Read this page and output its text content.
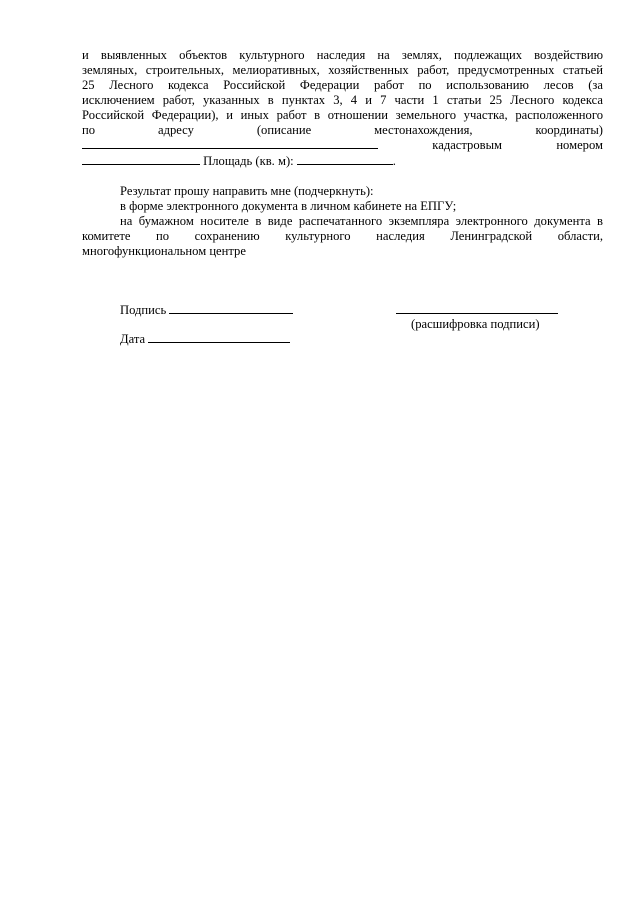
и выявленных объектов культурного наследия на землях, подлежащих воздействию
земляных, строительных, мелиоративных, хозяйственных работ, предусмотренных статьей
25 Лесного кодекса Российской Федерации работ по использованию лесов (за
исключением работ, указанных в пунктах 3, 4 и 7 части 1 статьи 25 Лесного кодекса
Российской Федерации), и иных работ в отношении земельного участка, расположенного
по адресу (описание местонахождения, координаты)
кадастровым номером
Площадь (кв. м):	.
Результат прошу направить мне (подчеркнуть):
в форме электронного документа в личном кабинете на ЕПГУ;
на бумажном носителе в виде распечатанного экземпляра электронного документа в
комитете по сохранению культурного наследия Ленинградской области,
многофункциональном центре
Подпись
(расшифровка подписи)
Дата
